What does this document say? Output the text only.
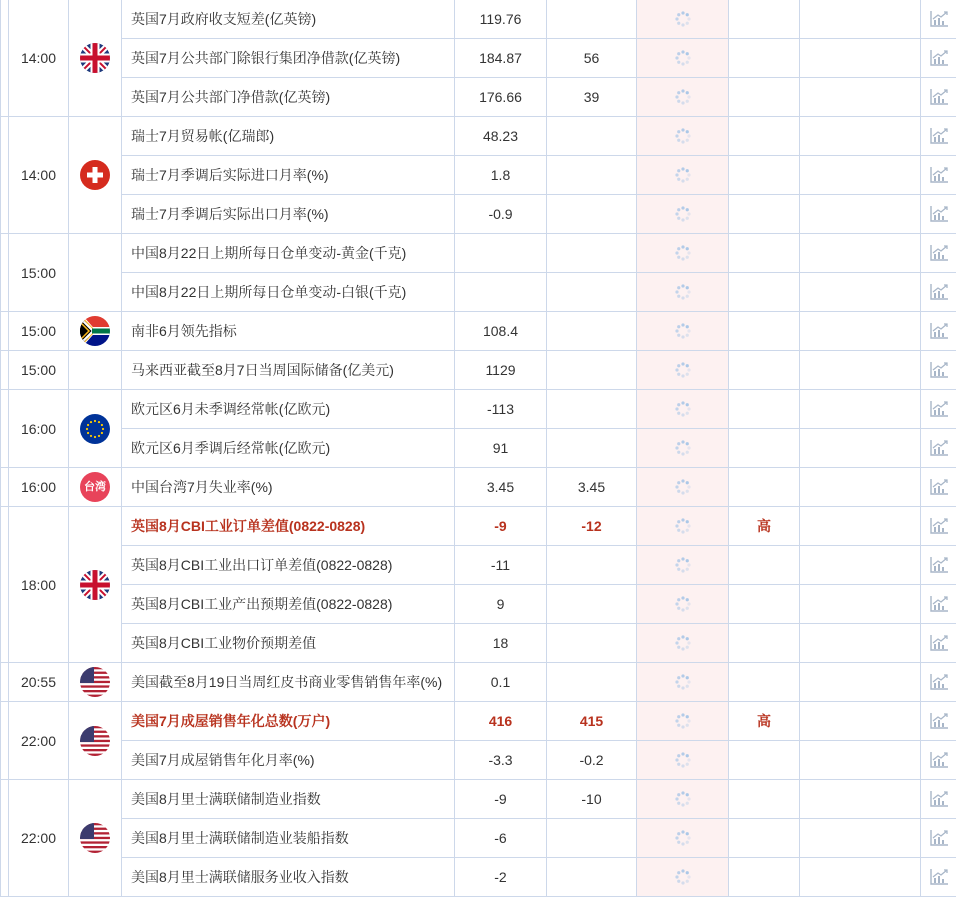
	14:00		英国7月政府收支短差(亿英镑)	119.76					
			英国7月公共部门除银行集团净借款(亿英镑)	184.87	56				
			英国7月公共部门净借款(亿英镑)	176.66	39				
	14:00		瑞士7月贸易帐(亿瑞郎)	48.23					
			瑞士7月季调后实际进口月率(%)	1.8					
			瑞士7月季调后实际出口月率(%)	-0.9					
	15:00		中国8月22日上期所每日仓单变动-黄金(千克)						
			中国8月22日上期所每日仓单变动-白银(千克)						
	15:00		南非6月领先指标	108.4					
	15:00		马来西亚截至8月7日当周国际储备(亿美元)	1129					
	16:00		欧元区6月未季调经常帐(亿欧元)	-113					
			欧元区6月季调后经常帐(亿欧元)	91					
	16:00	台湾	中国台湾7月失业率(%)	3.45	3.45				
	18:00		英国8月CBI工业订单差值(0822-0828)	-9	-12		高		
			英国8月CBI工业出口订单差值(0822-0828)	-11					
			英国8月CBI工业产出预期差值(0822-0828)	9					
			英国8月CBI工业物价预期差值	18					
	20:55		美国截至8月19日当周红皮书商业零售销售年率(%)	0.1					
	22:00		美国7月成屋销售年化总数(万户)	416	415		高		
			美国7月成屋销售年化月率(%)	-3.3	-0.2				
	22:00		美国8月里士满联储制造业指数	-9	-10				
			美国8月里士满联储制造业装船指数	-6					
			美国8月里士满联储服务业收入指数	-2					
